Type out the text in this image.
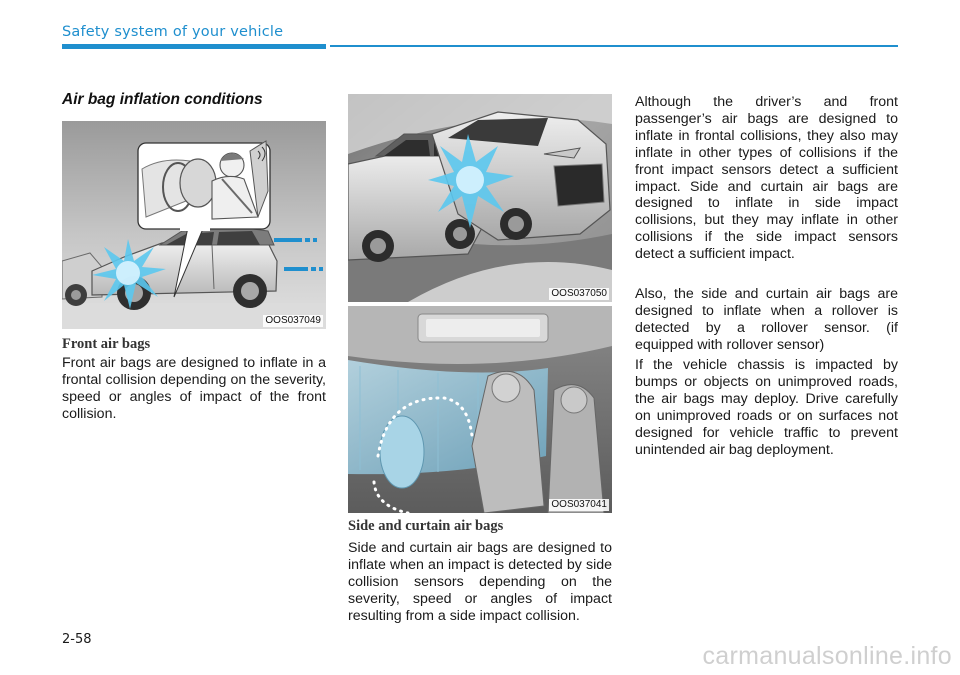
Safety system of your vehicle
Air bag inflation conditions
OOS037049
Front air bags

Front air bags are designed to inflate in a frontal collision depending on the severity, speed or angles of impact of the front collision.

OOS037050
OOS037041
Side and curtain air bags

Side and curtain air bags are designed to inflate when an impact is detected by side collision sensors depending on the severity, speed or angles of impact resulting from a side impact collision.

Although the driver’s and front passenger’s air bags are designed to inflate in frontal collisions, they also may inflate in other types of collisions if the front impact sensors detect a sufficient impact. Side and curtain air bags are designed to inflate in side impact collisions, but they may inflate in other collisions if the side impact sensors detect a sufficient impact.

Also, the side and curtain air bags are designed to inflate when a rollover is detected by a rollover sensor. (if equipped with rollover sensor)

If the vehicle chassis is impacted by bumps or objects on unimproved roads, the air bags may deploy. Drive carefully on unimproved roads or on surfaces not designed for vehicle traffic to prevent unintended air bag deployment.

2-58
carmanualsonline.info
